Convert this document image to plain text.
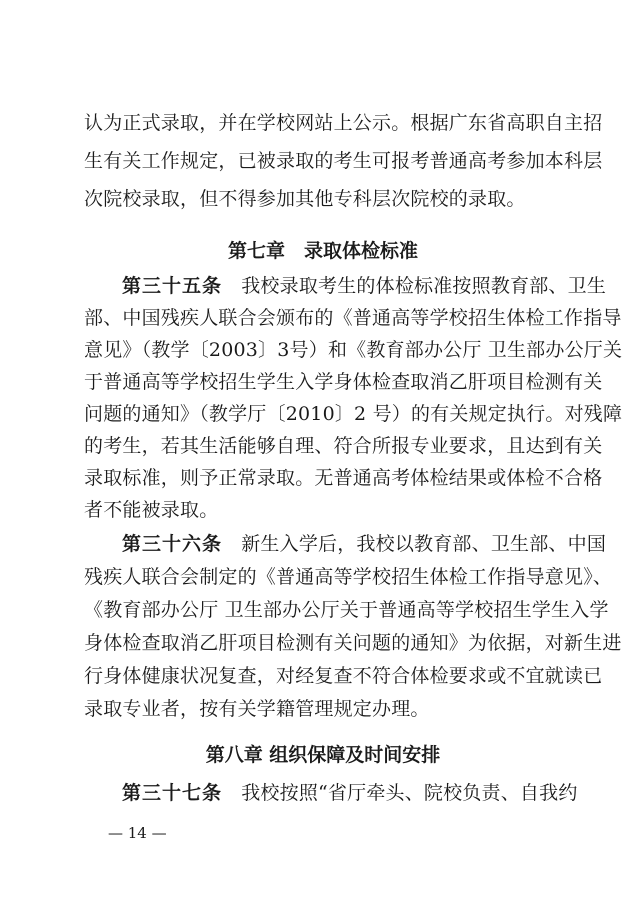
认为正式录取，并在学校网站上公示。根据广东省高职自主招
生有关工作规定，已被录取的考生可报考普通高考参加本科层
次院校录取，但不得参加其他专科层次院校的录取。
第七章　录取体检标准
第三十五条　我校录取考生的体检标准按照教育部、卫生
部、中国残疾人联合会颁布的《普通高等学校招生体检工作指导
意见》（教学〔2003〕3号）和《教育部办公厅 卫生部办公厅关
于普通高等学校招生学生入学身体检查取消乙肝项目检测有关
问题的通知》（教学厅〔2010〕2 号）的有关规定执行。对残障
的考生，若其生活能够自理、符合所报专业要求，且达到有关
录取标准，则予正常录取。无普通高考体检结果或体检不合格
者不能被录取。
第三十六条　新生入学后，我校以教育部、卫生部、中国
残疾人联合会制定的《普通高等学校招生体检工作指导意见》、
《教育部办公厅 卫生部办公厅关于普通高等学校招生学生入学
身体检查取消乙肝项目检测有关问题的通知》为依据，对新生进
行身体健康状况复查，对经复查不符合体检要求或不宜就读已
录取专业者，按有关学籍管理规定办理。
第八章 组织保障及时间安排
第三十七条　我校按照“省厅牵头、院校负责、自我约
— 14 —
